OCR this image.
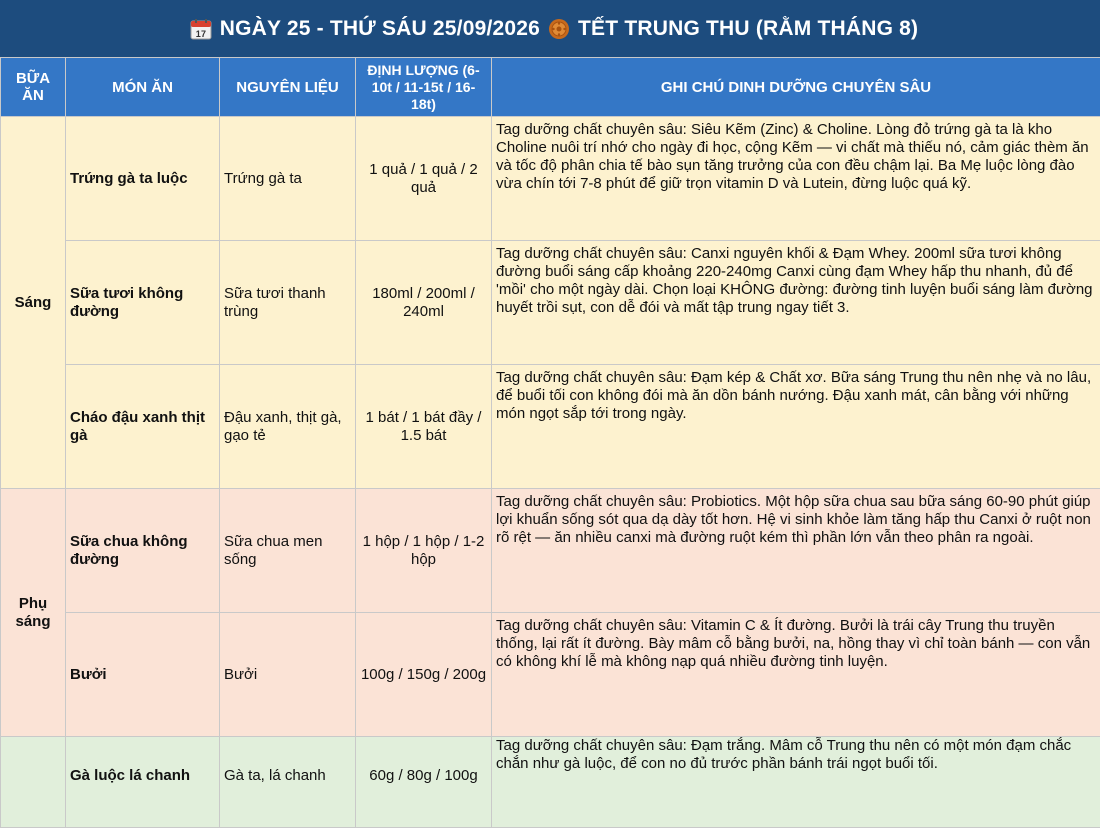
17 NGÀY 25 - THỨ SÁU 25/09/2026 TẾT TRUNG THU (RẰM THÁNG 8)
BỮA ĂN	MÓN ĂN	NGUYÊN LIỆU	ĐỊNH LƯỢNG (6-10t / 11-15t / 16-18t)	GHI CHÚ DINH DƯỠNG CHUYÊN SÂU
Sáng	Trứng gà ta luộc	Trứng gà ta	1 quả / 1 quả / 2 quả	Tag dưỡng chất chuyên sâu: Siêu Kẽm (Zinc) & Choline. Lòng đỏ trứng gà ta là kho Choline nuôi trí nhớ cho ngày đi học, cộng Kẽm — vi chất mà thiếu nó, cảm giác thèm ăn và tốc độ phân chia tế bào sụn tăng trưởng của con đều chậm lại. Ba Mẹ luộc lòng đào vừa chín tới 7-8 phút để giữ trọn vitamin D và Lutein, đừng luộc quá kỹ.
	Sữa tươi không đường	Sữa tươi thanh trùng	180ml / 200ml / 240ml	Tag dưỡng chất chuyên sâu: Canxi nguyên khối & Đạm Whey. 200ml sữa tươi không đường buổi sáng cấp khoảng 220-240mg Canxi cùng đạm Whey hấp thu nhanh, đủ để 'mồi' cho một ngày dài. Chọn loại KHÔNG đường: đường tinh luyện buổi sáng làm đường huyết trồi sụt, con dễ đói và mất tập trung ngay tiết 3.
	Cháo đậu xanh thịt gà	Đậu xanh, thịt gà, gạo tẻ	1 bát / 1 bát đầy / 1.5 bát	Tag dưỡng chất chuyên sâu: Đạm kép & Chất xơ. Bữa sáng Trung thu nên nhẹ và no lâu, để buổi tối con không đói mà ăn dồn bánh nướng. Đậu xanh mát, cân bằng với những món ngọt sắp tới trong ngày.
Phụ sáng	Sữa chua không đường	Sữa chua men sống	1 hộp / 1 hộp / 1-2 hộp	Tag dưỡng chất chuyên sâu: Probiotics. Một hộp sữa chua sau bữa sáng 60-90 phút giúp lợi khuẩn sống sót qua dạ dày tốt hơn. Hệ vi sinh khỏe làm tăng hấp thu Canxi ở ruột non rõ rệt — ăn nhiều canxi mà đường ruột kém thì phần lớn vẫn theo phân ra ngoài.
	Bưởi	Bưởi	100g / 150g / 200g	Tag dưỡng chất chuyên sâu: Vitamin C & Ít đường. Bưởi là trái cây Trung thu truyền thống, lại rất ít đường. Bày mâm cỗ bằng bưởi, na, hồng thay vì chỉ toàn bánh — con vẫn có không khí lễ mà không nạp quá nhiều đường tinh luyện.
	Gà luộc lá chanh	Gà ta, lá chanh	60g / 80g / 100g	Tag dưỡng chất chuyên sâu: Đạm trắng. Mâm cỗ Trung thu nên có một món đạm chắc chắn như gà luộc, để con no đủ trước phần bánh trái ngọt buổi tối.
